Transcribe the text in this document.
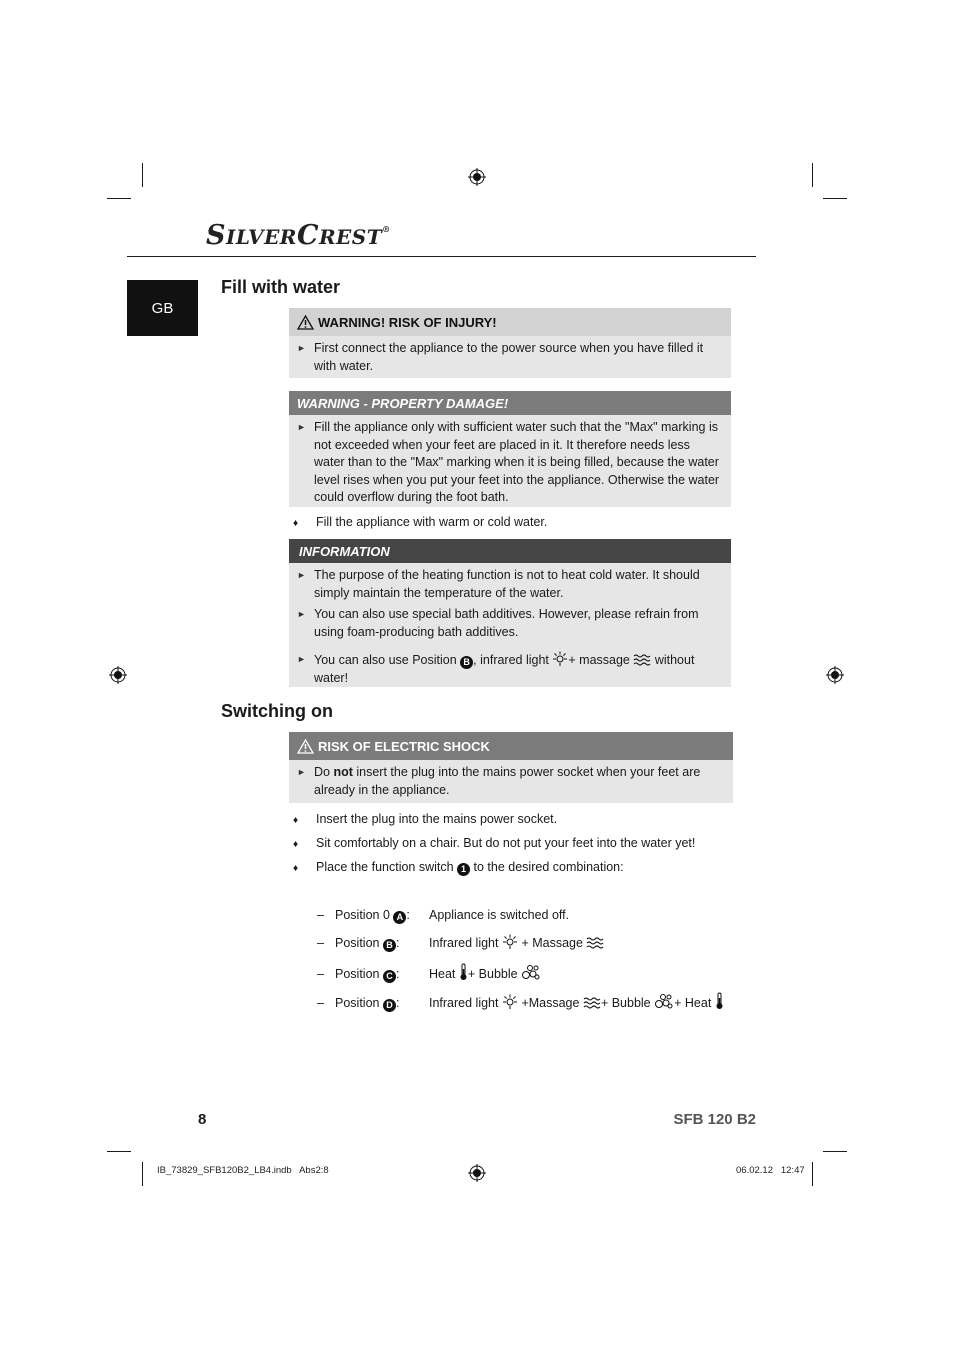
SILVERCREST®
GB
Fill with water
WARNING! RISK OF INJURY!
► First connect the appliance to the power source when you have filled it with water.
WARNING - PROPERTY DAMAGE!
► Fill the appliance only with sufficient water such that the "Max" marking is not exceeded when your feet are placed in it. It therefore needs less water than to the "Max" marking when it is being filled, because the water level rises when you put your feet into the appliance. Otherwise the water could overflow during the foot bath.
♦ Fill the appliance with warm or cold water.
INFORMATION
► The purpose of the heating function is not to heat cold water. It should simply maintain the temperature of the water.
► You can also use special bath additives. However, please refrain from using foam-producing bath additives.
► You can also use Position B , infrared light + massage  without water!
Switching on
RISK OF ELECTRIC SHOCK
► Do not insert the plug into the mains power socket when your feet are already in the appliance.
♦ Insert the plug into the mains power socket.
♦ Sit comfortably on a chair. But do not put your feet into the water yet!
♦ Place the function switch 1 to the desired combination:
– Position 0 A : Appliance is switched off.
– Position B : Infrared light  + Massage
– Position C : Heat + Bubble
– Position D : Infrared light  +Massage + Bubble + Heat
8	SFB 120 B2
IB_73829_SFB120B2_LB4.indb   Abs2:8	06.02.12   12:47
